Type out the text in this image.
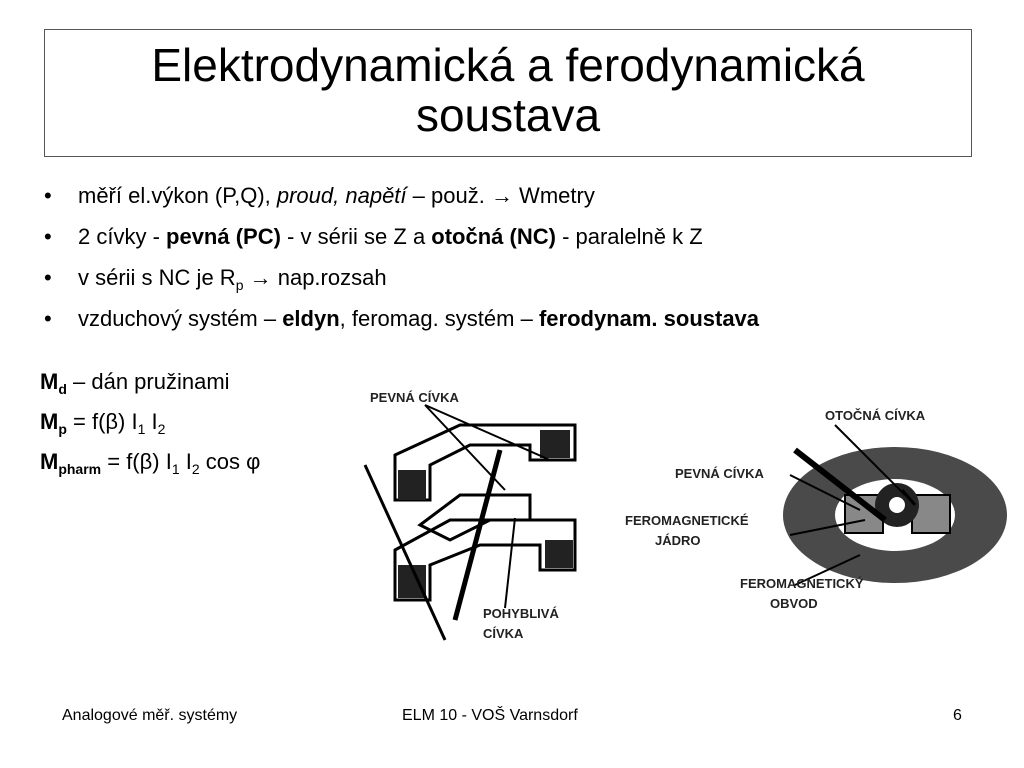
Elektrodynamická a ferodynamická soustava
• měří el.výkon (P,Q), proud, napětí – použ. → Wmetry
• 2 cívky - pevná (PC) - v sérii se Z a otočná (NC) - paralelně k Z
• v sérii s NC je $R_p$ → nap.rozsah
• vzduchový systém – eldyn, feromag. systém – ferodynam. soustava
$M_d$ – dán pružinami
$M_p = f(\beta)$ $I_1$ $I_2$
$M_{pharm} = f(\beta)$ $I_1$ $I_2$ cos φ
PEVNÁ CÍVKA
POHYBLIVÁ
CÍVKA
OTOČNÁ CÍVKA
PEVNÁ CÍVKA
FEROMAGNETICKÉ
JÁDRO
FEROMAGNETICKÝ
OBVOD
Analogové měř. systémy	ELM 10 - VOŠ Varnsdorf	6
